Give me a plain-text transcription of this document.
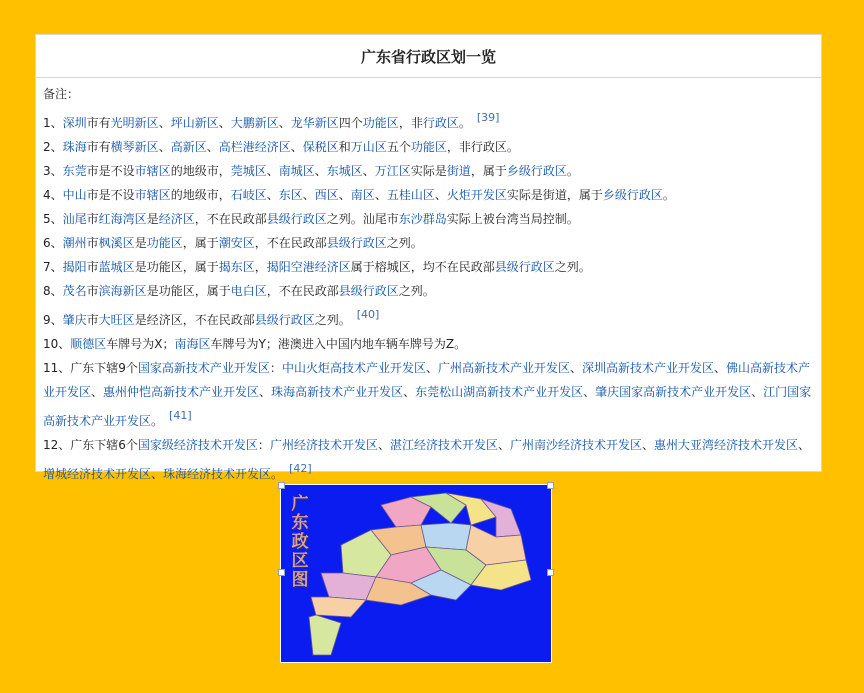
广东省行政区划一览
备注：
1、深圳市有光明新区、坪山新区、大鹏新区、龙华新区四个功能区，非行政区。 [39]
2、珠海市有横琴新区、高新区、高栏港经济区、保税区和万山区五个功能区，非行政区。
3、东莞市是不设市辖区的地级市，莞城区、南城区、东城区、万江区实际是街道，属于乡级行政区。
4、中山市是不设市辖区的地级市，石岐区、东区、西区、南区、五桂山区、火炬开发区实际是街道，属于乡级行政区。
5、汕尾市红海湾区是经济区，不在民政部县级行政区之列。汕尾市东沙群岛实际上被台湾当局控制。
6、潮州市枫溪区是功能区，属于潮安区，不在民政部县级行政区之列。
7、揭阳市蓝城区是功能区，属于揭东区，揭阳空港经济区属于榕城区，均不在民政部县级行政区之列。
8、茂名市滨海新区是功能区，属于电白区，不在民政部县级行政区之列。
9、肇庆市大旺区是经济区，不在民政部县级行政区之列。 [40]
10、顺德区车牌号为X；南海区车牌号为Y；港澳进入中国内地车辆车牌号为Z。
11、广东下辖9个国家高新技术产业开发区：中山火炬高技术产业开发区、广州高新技术产业开发区、深圳高新技术产业开发区、佛山高新技术产业开发区、惠州仲恺高新技术产业开发区、珠海高新技术产业开发区、东莞松山湖高新技术产业开发区、肇庆国家高新技术产业开发区、江门国家高新技术产业开发区。 [41]
12、广东下辖6个国家级经济技术开发区：广州经济技术开发区、湛江经济技术开发区、广州南沙经济技术开发区、惠州大亚湾经济技术开发区、增城经济技术开发区、珠海经济技术开发区。 [42]
广
东
政
区
图
